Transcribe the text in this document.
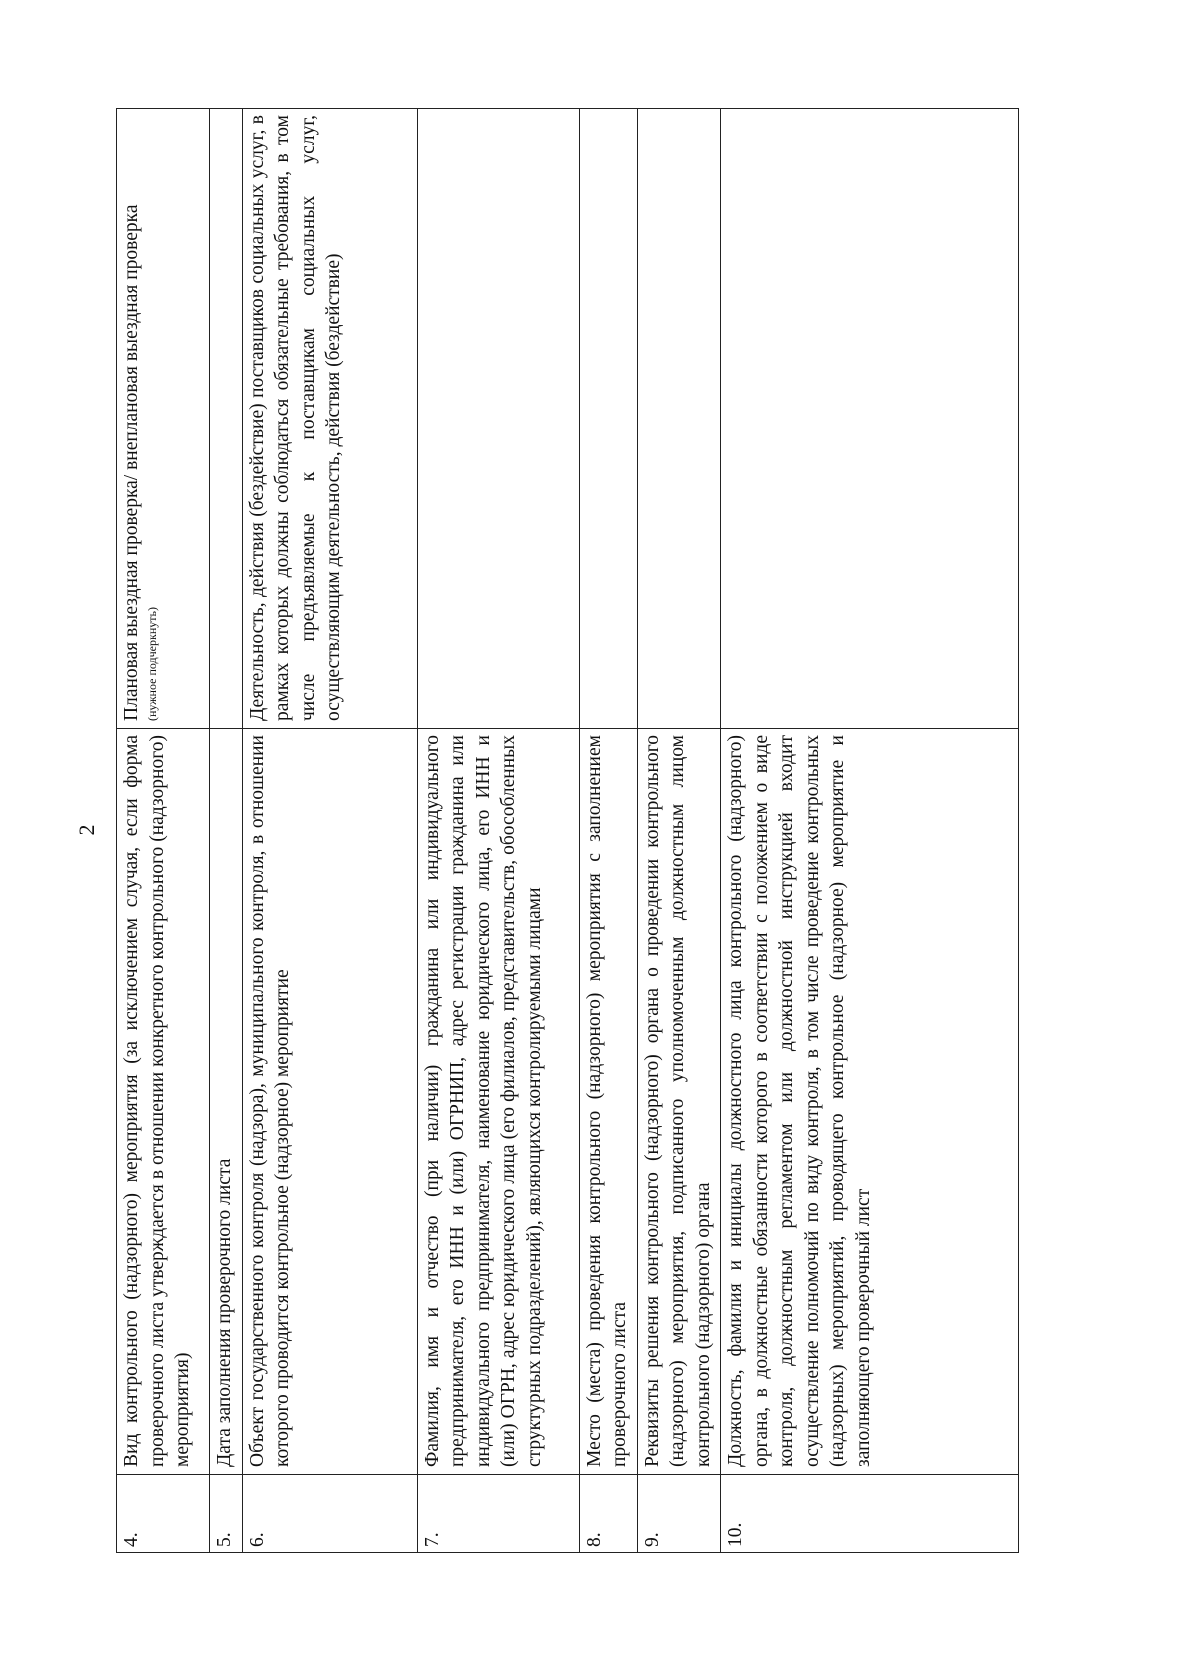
2
4.	Вид контрольного (надзорного) мероприятия (за исключением случая, если форма проверочного листа утверждается в отношении конкретного контрольного (надзорного) мероприятия)	Плановая выездная проверка/ внеплановая выездная проверка (нужное подчеркнуть)

5.	Дата заполнения проверочного листа	
6.	Объект государственного контроля (надзора), муниципального контроля, в отношении которого проводится контрольное (надзорное) мероприятие	Деятельность, действия (бездействие) поставщиков социальных услуг, в рамках которых должны соблюдаться обязательные требования, в том числе предъявляемые к поставщикам социальных услуг, осуществляющим деятельность, действия (бездействие)
7.	Фамилия, имя и отчество (при наличии) гражданина или индивидуального предпринимателя, его ИНН и (или) ОГРНИП, адрес регистрации гражданина или индивидуального предпринимателя, наименование юридического лица, его ИНН и (или) ОГРН, адрес юридического лица (его филиалов, представительств, обособленных структурных подразделений), являющихся контролируемыми лицами	
8.	Место (места) проведения контрольного (надзорного) мероприятия с заполнением проверочного листа	
9.	Реквизиты решения контрольного (надзорного) органа о проведении контрольного (надзорного) мероприятия, подписанного уполномоченным должностным лицом контрольного (надзорного) органа	
10.	Должность, фамилия и инициалы должностного лица контрольного (надзорного) органа, в должностные обязанности которого в соответствии с положением о виде контроля, должностным регламентом или должностной инструкцией входит осуществление полномочий по виду контроля, в том числе проведение контрольных (надзорных) мероприятий, проводящего контрольное (надзорное) мероприятие и заполняющего проверочный лист	
